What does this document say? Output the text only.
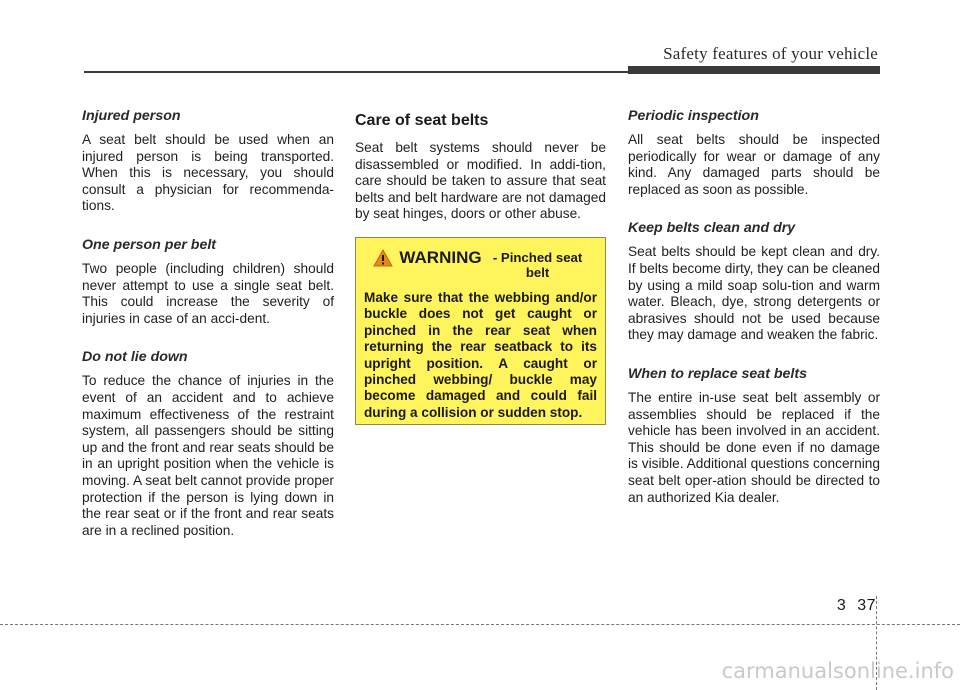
Safety features of your vehicle
Injured person

A seat belt should be used when an injured person is being transported. When this is necessary, you should consult a physician for recommenda-tions.

One person per belt

Two people (including children) should never attempt to use a single seat belt. This could increase the severity of injuries in case of an acci-dent.

Do not lie down

To reduce the chance of injuries in the event of an accident and to achieve maximum effectiveness of the restraint system, all passengers should be sitting up and the front and rear seats should be in an upright position when the vehicle is moving. A seat belt cannot provide proper protection if the person is lying down in the rear seat or if the front and rear seats are in a reclined position.

Care of seat belts

Seat belt systems should never be disassembled or modified. In addi-tion, care should be taken to assure that seat belts and belt hardware are not damaged by seat hinges, doors or other abuse.

WARNING - Pinched seat belt

Make sure that the webbing and/or buckle does not get caught or pinched in the rear seat when returning the rear seatback to its upright position. A caught or pinched webbing/ buckle may become damaged and could fail during a collision or sudden stop.

Periodic inspection

All seat belts should be inspected periodically for wear or damage of any kind. Any damaged parts should be replaced as soon as possible.

Keep belts clean and dry

Seat belts should be kept clean and dry. If belts become dirty, they can be cleaned by using a mild soap solu-tion and warm water. Bleach, dye, strong detergents or abrasives should not be used because they may damage and weaken the fabric.

When to replace seat belts

The entire in-use seat belt assembly or assemblies should be replaced if the vehicle has been involved in an accident. This should be done even if no damage is visible. Additional questions concerning seat belt oper-ation should be directed to an authorized Kia dealer.

3 37
carmanualsonline.info
